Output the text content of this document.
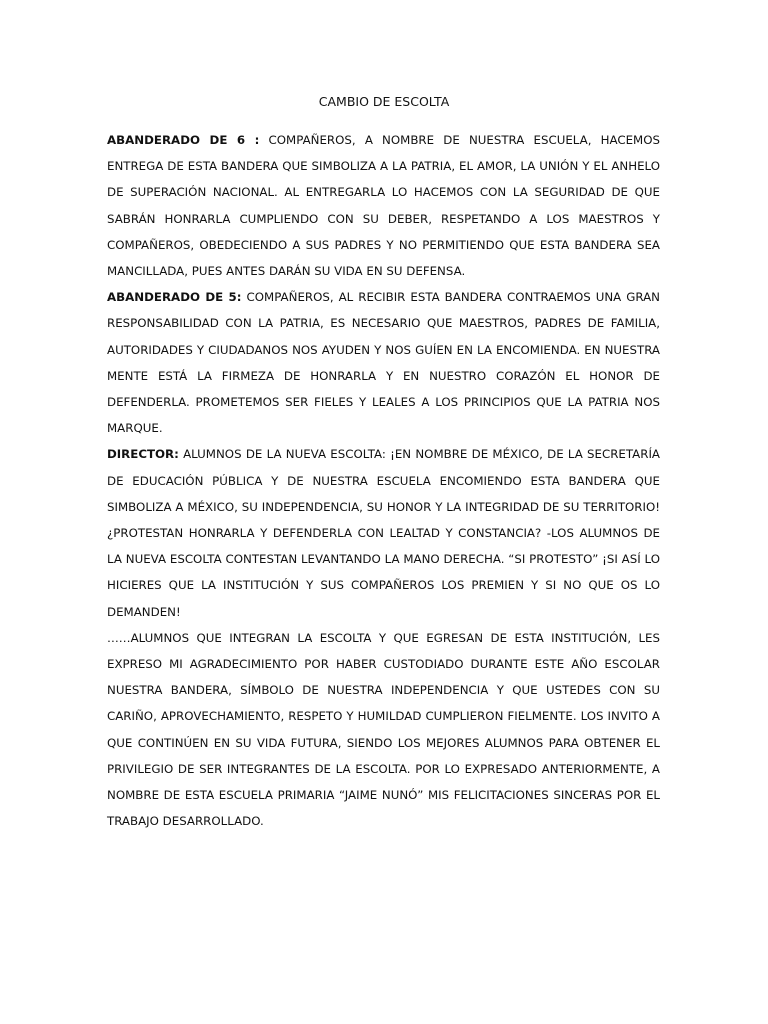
CAMBIO DE ESCOLTA

ABANDERADO DE 6 : COMPAÑEROS, A NOMBRE DE NUESTRA ESCUELA, HACEMOS ENTREGA DE ESTA BANDERA QUE SIMBOLIZA A LA PATRIA, EL AMOR, LA UNIÓN Y EL ANHELO DE SUPERACIÓN NACIONAL. AL ENTREGARLA LO HACEMOS CON LA SEGURIDAD DE QUE SABRÁN HONRARLA CUMPLIENDO CON SU DEBER, RESPETANDO A LOS MAESTROS Y COMPAÑEROS, OBEDECIENDO A SUS PADRES Y NO PERMITIENDO QUE ESTA BANDERA SEA MANCILLADA, PUES ANTES DARÁN SU VIDA EN SU DEFENSA.

ABANDERADO DE 5: COMPAÑEROS, AL RECIBIR ESTA BANDERA CONTRAEMOS UNA GRAN RESPONSABILIDAD CON LA PATRIA, ES NECESARIO QUE MAESTROS, PADRES DE FAMILIA, AUTORIDADES Y CIUDADANOS NOS AYUDEN Y NOS GUÍEN EN LA ENCOMIENDA. EN NUESTRA MENTE ESTÁ LA FIRMEZA DE HONRARLA Y EN NUESTRO CORAZÓN EL HONOR DE DEFENDERLA. PROMETEMOS SER FIELES Y LEALES A LOS PRINCIPIOS QUE LA PATRIA NOS MARQUE.

DIRECTOR: ALUMNOS DE LA NUEVA ESCOLTA: ¡EN NOMBRE DE MÉXICO, DE LA SECRETARÍA DE EDUCACIÓN PÚBLICA Y DE NUESTRA ESCUELA ENCOMIENDO ESTA BANDERA QUE SIMBOLIZA A MÉXICO, SU INDEPENDENCIA, SU HONOR Y LA INTEGRIDAD DE SU TERRITORIO! ¿PROTESTAN HONRARLA Y DEFENDERLA CON LEALTAD Y CONSTANCIA? -LOS ALUMNOS DE LA NUEVA ESCOLTA CONTESTAN LEVANTANDO LA MANO DERECHA. “SI PROTESTO” ¡SI ASÍ LO HICIERES QUE LA INSTITUCIÓN Y SUS COMPAÑEROS LOS PREMIEN Y SI NO QUE OS LO DEMANDEN!

……ALUMNOS QUE INTEGRAN LA ESCOLTA Y QUE EGRESAN DE ESTA INSTITUCIÓN, LES EXPRESO MI AGRADECIMIENTO POR HABER CUSTODIADO DURANTE ESTE AÑO ESCOLAR NUESTRA BANDERA, SÍMBOLO DE NUESTRA INDEPENDENCIA Y QUE USTEDES CON SU CARIÑO, APROVECHAMIENTO, RESPETO Y HUMILDAD CUMPLIERON FIELMENTE. LOS INVITO A QUE CONTINÚEN EN SU VIDA FUTURA, SIENDO LOS MEJORES ALUMNOS PARA OBTENER EL PRIVILEGIO DE SER INTEGRANTES DE LA ESCOLTA. POR LO EXPRESADO ANTERIORMENTE, A NOMBRE DE ESTA ESCUELA PRIMARIA “JAIME NUNÓ” MIS FELICITACIONES SINCERAS POR EL TRABAJO DESARROLLADO.
